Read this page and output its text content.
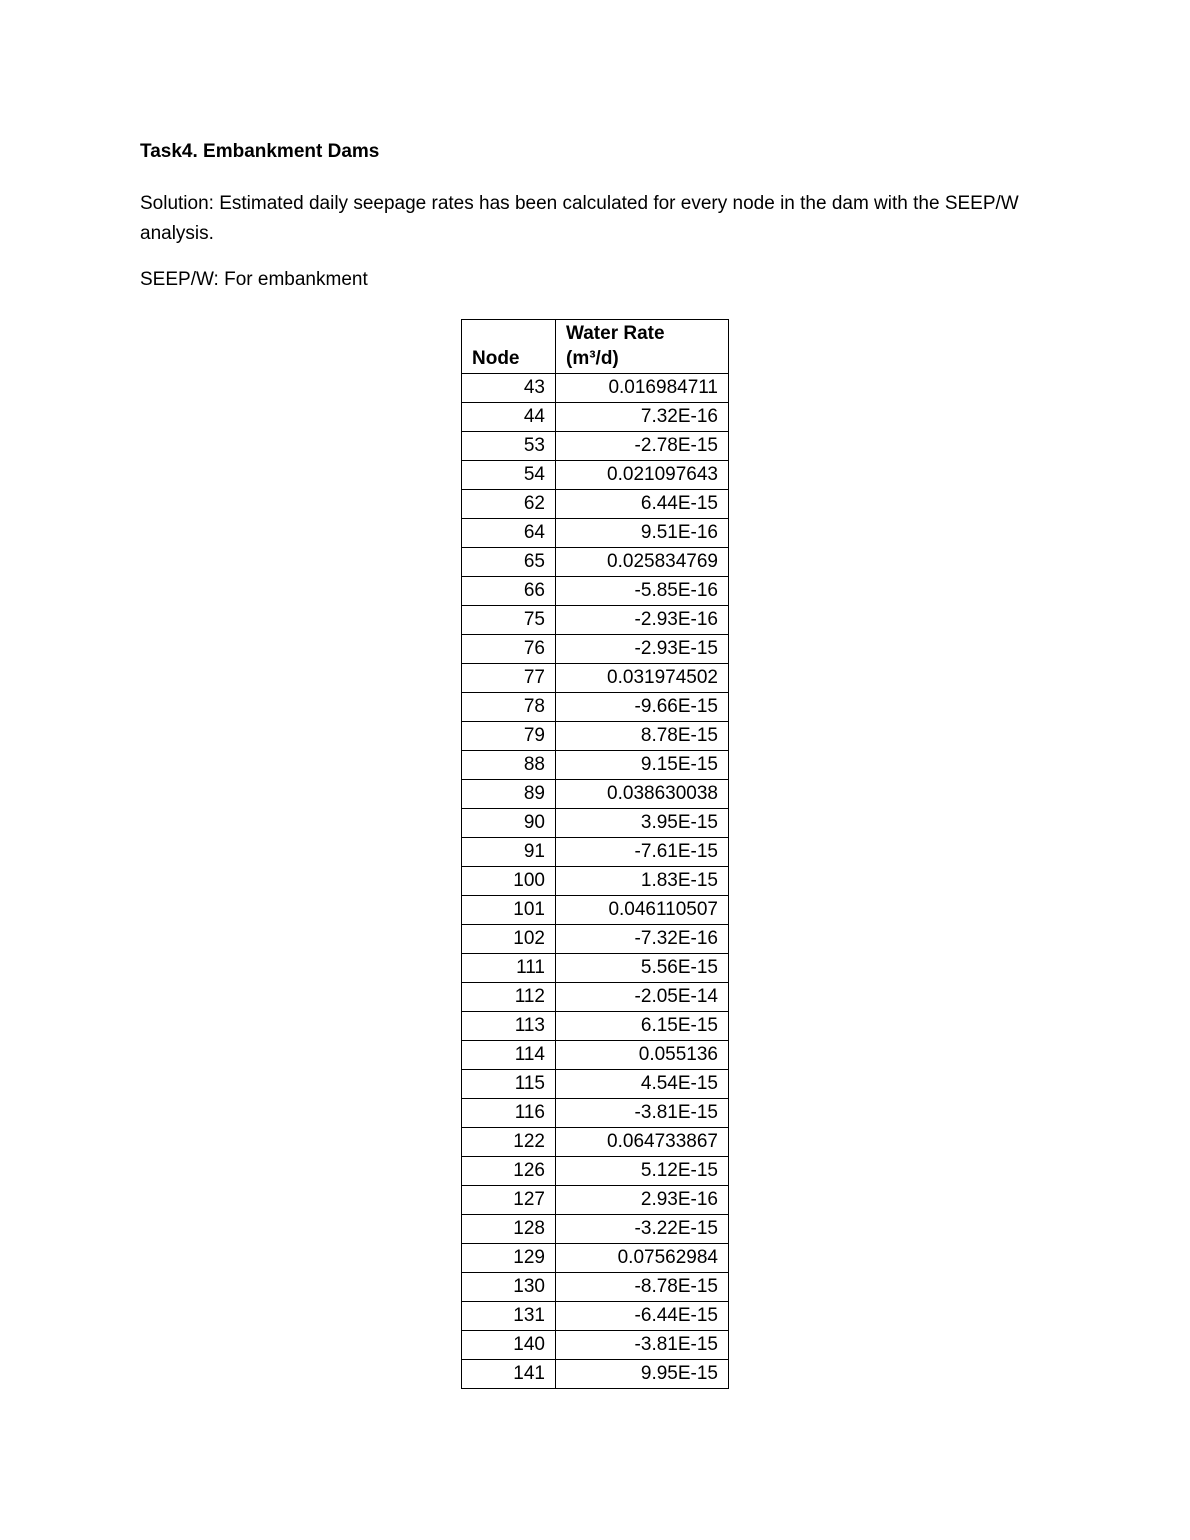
Task4. Embankment Dams
Solution: Estimated daily seepage rates has been calculated for every node in the dam with the SEEP/W analysis.
SEEP/W: For embankment
Node	Water Rate
(m³/d)
43	0.016984711
44	7.32E-16
53	-2.78E-15
54	0.021097643
62	6.44E-15
64	9.51E-16
65	0.025834769
66	-5.85E-16
75	-2.93E-16
76	-2.93E-15
77	0.031974502
78	-9.66E-15
79	8.78E-15
88	9.15E-15
89	0.038630038
90	3.95E-15
91	-7.61E-15
100	1.83E-15
101	0.046110507
102	-7.32E-16
111	5.56E-15
112	-2.05E-14
113	6.15E-15
114	0.055136
115	4.54E-15
116	-3.81E-15
122	0.064733867
126	5.12E-15
127	2.93E-16
128	-3.22E-15
129	0.07562984
130	-8.78E-15
131	-6.44E-15
140	-3.81E-15
141	9.95E-15
